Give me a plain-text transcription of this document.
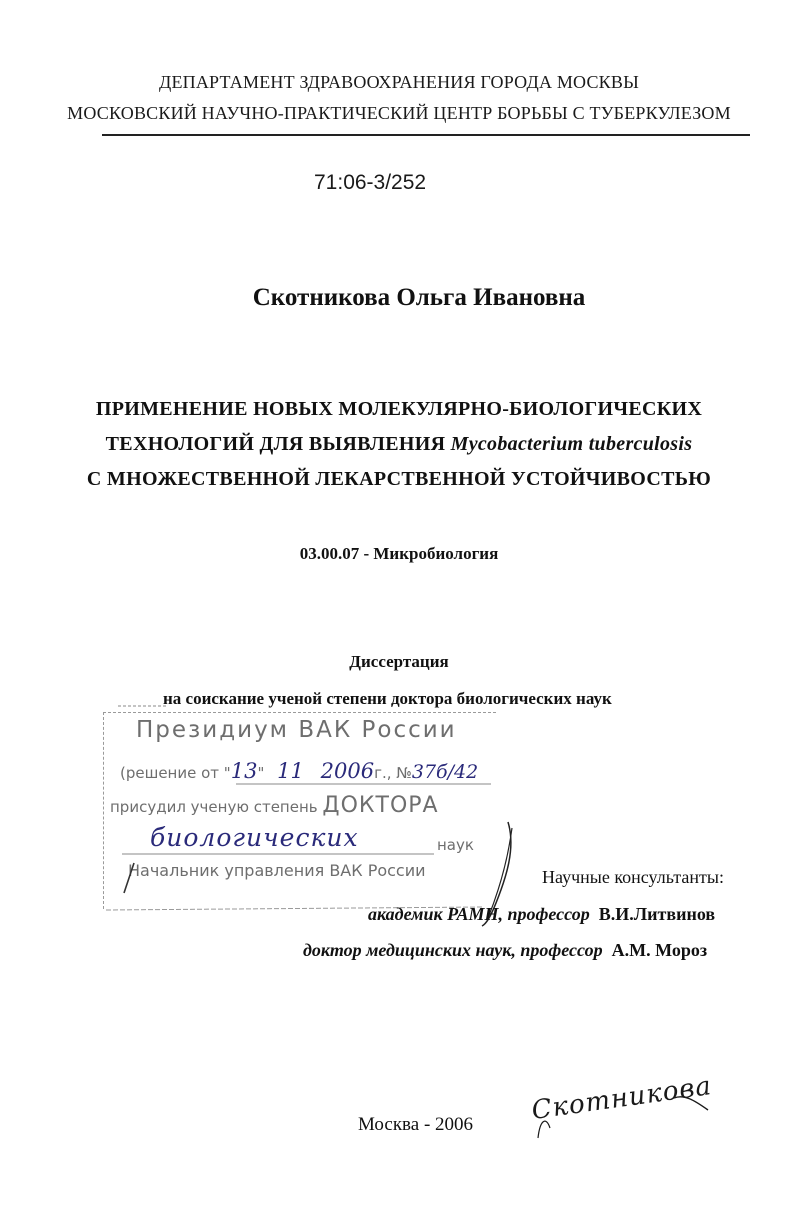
ДЕПАРТАМЕНТ ЗДРАВООХРАНЕНИЯ ГОРОДА МОСКВЫ
МОСКОВСКИЙ НАУЧНО-ПРАКТИЧЕСКИЙ ЦЕНТР БОРЬБЫ С ТУБЕРКУЛЕЗОМ
71:06-3/252
Скотникова Ольга Ивановна
ПРИМЕНЕНИЕ НОВЫХ МОЛЕКУЛЯРНО-БИОЛОГИЧЕСКИХ
ТЕХНОЛОГИЙ ДЛЯ ВЫЯВЛЕНИЯ Mycobacterium tuberculosis
С МНОЖЕСТВЕННОЙ ЛЕКАРСТВЕННОЙ УСТОЙЧИВОСТЬЮ
03.00.07 - Микробиология
Диссертация
на соискание ученой степени доктора биологических наук
Президиум ВАК России
(решение от "13" 11 2006г., №37б/42
присудил ученую степень ДОКТОРА
биологических	наук
Начальник управления ВАК России	Научные консультанты:
академик РАМН, профессор В.И.Литвинов
доктор медицинских наук, профессор А.М. Мороз
Москва - 2006 Скотникова
